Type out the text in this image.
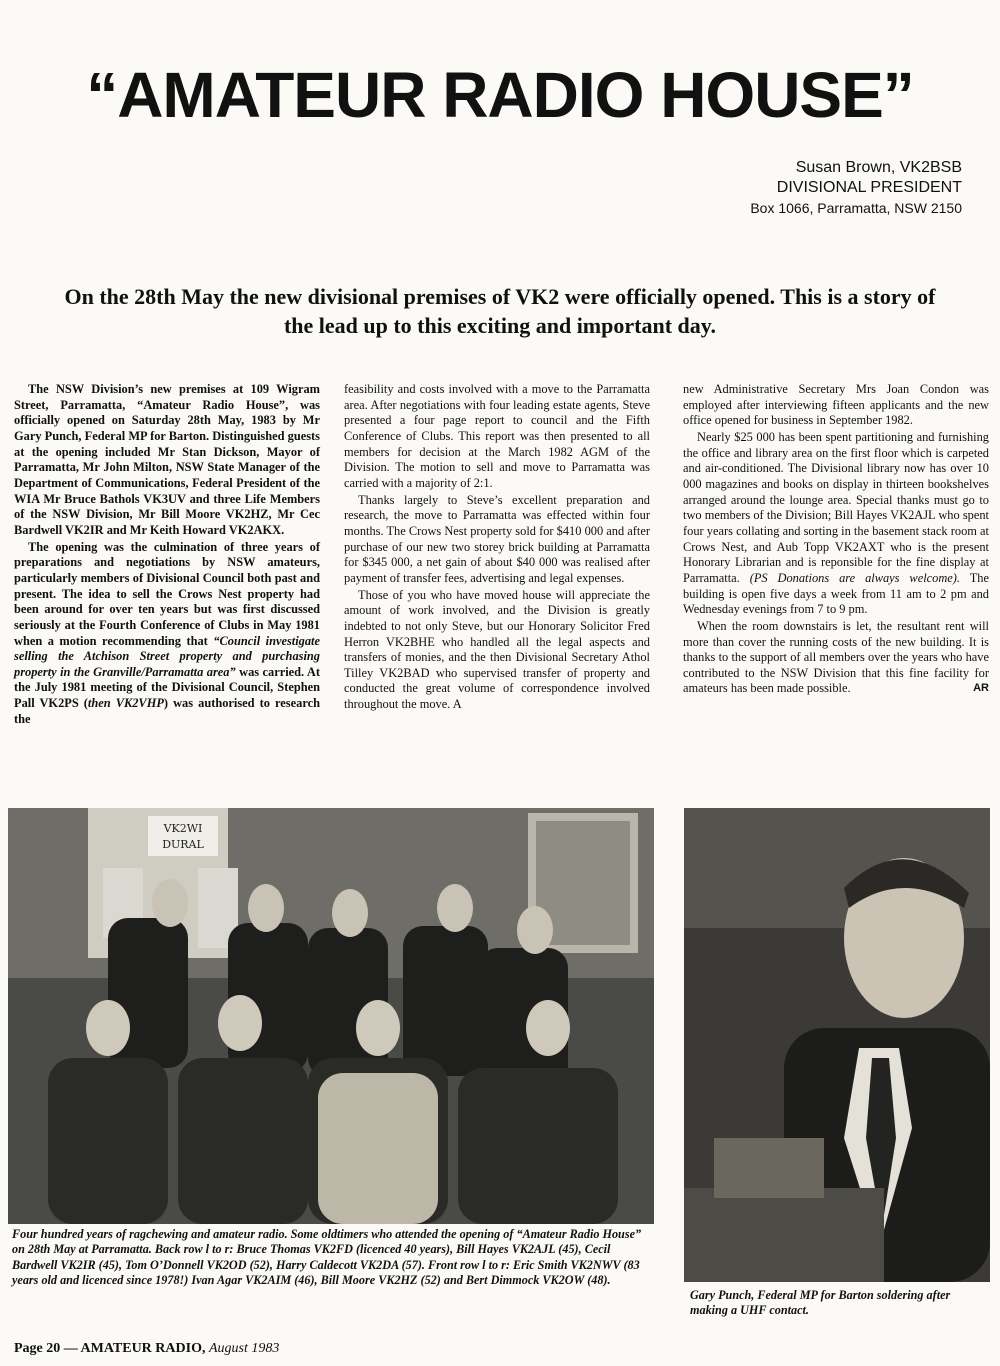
“AMATEUR RADIO HOUSE”
Susan Brown, VK2BSB
DIVISIONAL PRESIDENT
Box 1066, Parramatta, NSW 2150
On the 28th May the new divisional premises of VK2 were officially opened. This is a story of the lead up to this exciting and important day.

The NSW Division’s new premises at 109 Wigram Street, Parramatta, “Amateur Radio House”, was officially opened on Saturday 28th May, 1983 by Mr Gary Punch, Federal MP for Barton. Distinguished guests at the opening included Mr Stan Dickson, Mayor of Parramatta, Mr John Milton, NSW State Manager of the Department of Communications, Federal President of the WIA Mr Bruce Bathols VK3UV and three Life Members of the NSW Division, Mr Bill Moore VK2HZ, Mr Cec Bardwell VK2IR and Mr Keith Howard VK2AKX.

The opening was the culmination of three years of preparations and negotiations by NSW amateurs, particularly members of Divisional Council both past and present. The idea to sell the Crows Nest property had been around for over ten years but was first discussed seriously at the Fourth Conference of Clubs in May 1981 when a motion recommending that “Council investigate selling the Atchison Street property and purchasing property in the Granville/Parramatta area” was carried. At the July 1981 meeting of the Divisional Council, Stephen Pall VK2PS (then VK2VHP) was authorised to research the

feasibility and costs involved with a move to the Parramatta area. After negotiations with four leading estate agents, Steve presented a four page report to council and the Fifth Conference of Clubs. This report was then presented to all members for decision at the March 1982 AGM of the Division. The motion to sell and move to Parramatta was carried with a majority of 2:1.

Thanks largely to Steve’s excellent preparation and research, the move to Parramatta was effected within four months. The Crows Nest property sold for $410 000 and after purchase of our new two storey brick building at Parramatta for $345 000, a net gain of about $40 000 was realised after payment of transfer fees, advertising and legal expenses.

Those of you who have moved house will appreciate the amount of work involved, and the Division is greatly indebted to not only Steve, but our Honorary Solicitor Fred Herron VK2BHE who handled all the legal aspects and transfers of monies, and the then Divisional Secretary Athol Tilley VK2BAD who supervised transfer of property and conducted the great volume of correspondence involved throughout the move. A

new Administrative Secretary Mrs Joan Condon was employed after interviewing fifteen applicants and the new office opened for business in September 1982.

Nearly $25 000 has been spent partitioning and furnishing the office and library area on the first floor which is carpeted and air-conditioned. The Divisional library now has over 10 000 magazines and books on display in thirteen bookshelves arranged around the lounge area. Special thanks must go to two members of the Division; Bill Hayes VK2AJL who spent four years collating and sorting in the basement stack room at Crows Nest, and Aub Topp VK2AXT who is the present Honorary Librarian and is reponsible for the fine display at Parramatta. (PS Donations are always welcome). The building is open five days a week from 11 am to 2 pm and Wednesday evenings from 7 to 9 pm.

When the room downstairs is let, the resultant rent will more than cover the running costs of the new building. It is thanks to the support of all members over the years who have contributed to the NSW Division that this fine facility for amateurs has been made possible.	AR

VK2WI
DURAL
Four hundred years of ragchewing and amateur radio. Some oldtimers who attended the opening of “Amateur Radio House” on 28th May at Parramatta. Back row l to r: Bruce Thomas VK2FD (licenced 40 years), Bill Hayes VK2AJL (45), Cecil Bardwell VK2IR (45), Tom O’Donnell VK2OD (52), Harry Caldecott VK2DA (57). Front row l to r: Eric Smith VK2NWV (83 years old and licenced since 1978!) Ivan Agar VK2AIM (46), Bill Moore VK2HZ (52) and Bert Dimmock VK2OW (48).
Gary Punch, Federal MP for Barton soldering after making a UHF contact.
Page 20 — AMATEUR RADIO, August 1983
